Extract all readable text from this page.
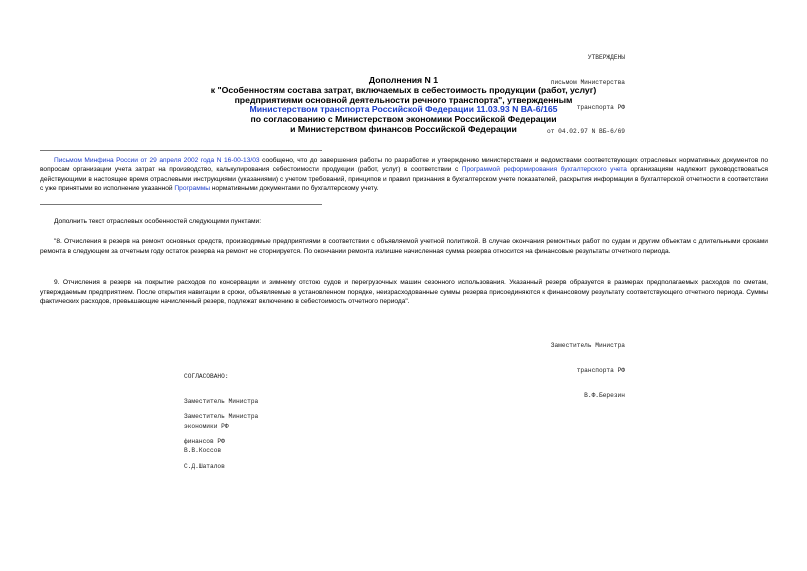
УТВЕРЖДЕНЫ

письмом Министерства

транспорта РФ

от 04.02.97 N ВБ-6/69

Дополнения N 1
к "Особенностям состава затрат, включаемых в себестоимость продукции (работ, услуг)
предприятиями основной деятельности речного транспорта", утвержденным
Министерством транспорта Российской Федерации 11.03.93 N ВА-6/165
по согласованию с Министерством экономики Российской Федерации
и Министерством финансов Российской Федерации
Письмом Минфина России от 29 апреля 2002 года N 16-00-13/03 сообщено, что до завершения работы по разработке и утверждению министерствами и ведомствами соответствующих отраслевых нормативных документов по вопросам организации учета затрат на производство, калькулирования себестоимости продукции (работ, услуг) в соответствии с Программой реформирования бухгалтерского учета организациям надлежит руководствоваться действующими в настоящее время отраслевыми инструкциями (указаниями) с учетом требований, принципов и правил признания в бухгалтерском учете показателей, раскрытия информации в бухгалтерской отчетности в соответствии с уже принятыми во исполнение указанной Программы нормативными документами по бухгалтерскому учету.
Дополнить текст отраслевых особенностей следующими пунктами:
"8. Отчисления в резерв на ремонт основных средств, производимые предприятиями в соответствии с объявляемой учетной политикой. В случае окончания ремонтных работ по судам и другим объектам с длительными сроками ремонта в следующем за отчетным году остаток резерва на ремонт не сторнируется. По окончании ремонта излишне начисленная сумма резерва относится на финансовые результаты отчетного периода.
9. Отчисления в резерв на покрытие расходов по консервации и зимнему отстою судов и перегрузочных машин сезонного использования. Указанный резерв образуется в размерах предполагаемых расходов по сметам, утверждаемым предприятием. После открытия навигации в сроки, объявляемые в установленном порядке, неизрасходованные суммы резерва присоединяются к финансовому результату соответствующего отчетного периода. Суммы фактических расходов, превышающие начисленный резерв, подлежат включению в себестоимость отчетного периода".

Заместитель Министра

транспорта РФ

В.Ф.Березин

СОГЛАСОВАНО:

Заместитель Министра

экономики РФ

В.В.Коссов

Заместитель Министра

финансов РФ

С.Д.Шаталов
